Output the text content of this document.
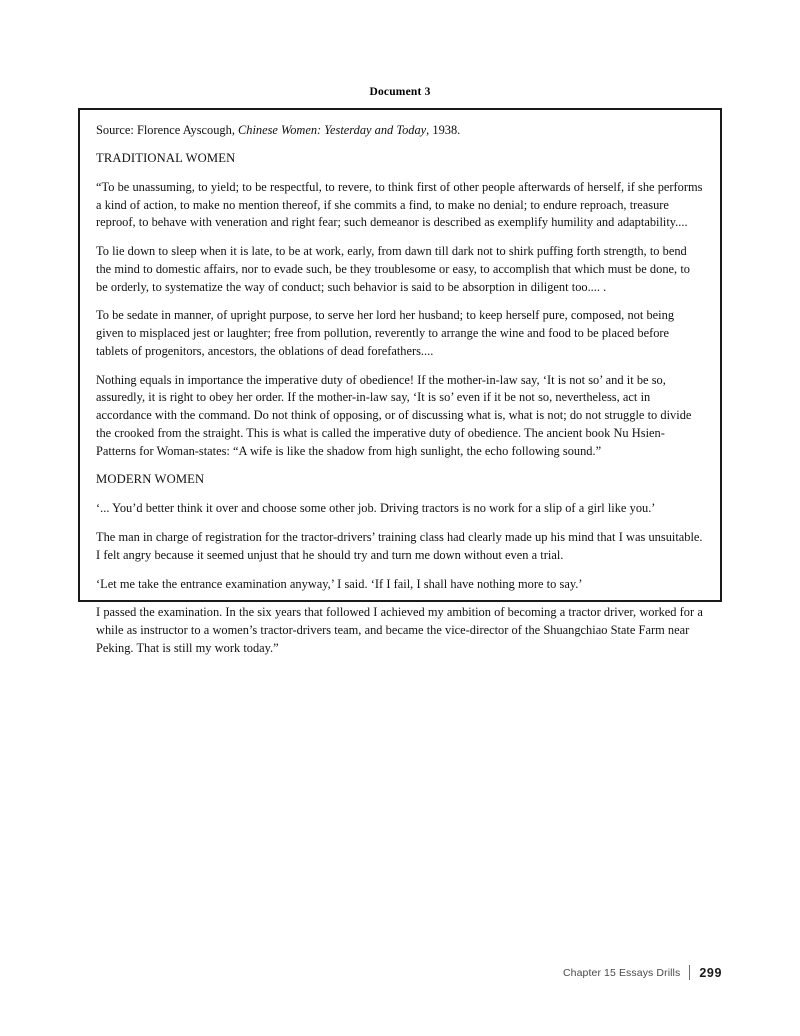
Document 3
Source: Florence Ayscough, Chinese Women: Yesterday and Today, 1938.
TRADITIONAL WOMEN

“To be unassuming, to yield; to be respectful, to revere, to think first of other people afterwards of herself, if she performs a kind of action, to make no mention thereof, if she commits a find, to make no denial; to endure reproach, treasure reproof, to behave with veneration and right fear; such demeanor is described as exemplify humility and adaptability....

To lie down to sleep when it is late, to be at work, early, from dawn till dark not to shirk puffing forth strength, to bend the mind to domestic affairs, nor to evade such, be they troublesome or easy, to accomplish that which must be done, to be orderly, to systematize the way of conduct; such behavior is said to be absorption in diligent too.... .

To be sedate in manner, of upright purpose, to serve her lord her husband; to keep herself pure, composed, not being given to misplaced jest or laughter; free from pollution, reverently to arrange the wine and food to be placed before tablets of progenitors, ancestors, the oblations of dead forefathers....

Nothing equals in importance the imperative duty of obedience! If the mother-in-law say, ‘It is not so’ and it be so, assuredly, it is right to obey her order. If the mother-in-law say, ‘It is so’ even if it be not so, nevertheless, act in accordance with the command. Do not think of opposing, or of discussing what is, what is not; do not struggle to divide the crooked from the straight. This is what is called the imperative duty of obedience. The ancient book Nu Hsien-Patterns for Woman-states: “A wife is like the shadow from high sunlight, the echo following sound.”

MODERN WOMEN

‘... You’d better think it over and choose some other job. Driving tractors is no work for a slip of a girl like you.’

The man in charge of registration for the tractor-drivers’ training class had clearly made up his mind that I was unsuitable. I felt angry because it seemed unjust that he should try and turn me down without even a trial.

‘Let me take the entrance examination anyway,’ I said. ‘If I fail, I shall have nothing more to say.’

I passed the examination. In the six years that followed I achieved my ambition of becoming a tractor driver, worked for a while as instructor to a women’s tractor-drivers team, and became the vice-director of the Shuangchiao State Farm near Peking. That is still my work today.”

Chapter 15 Essays Drills 299
